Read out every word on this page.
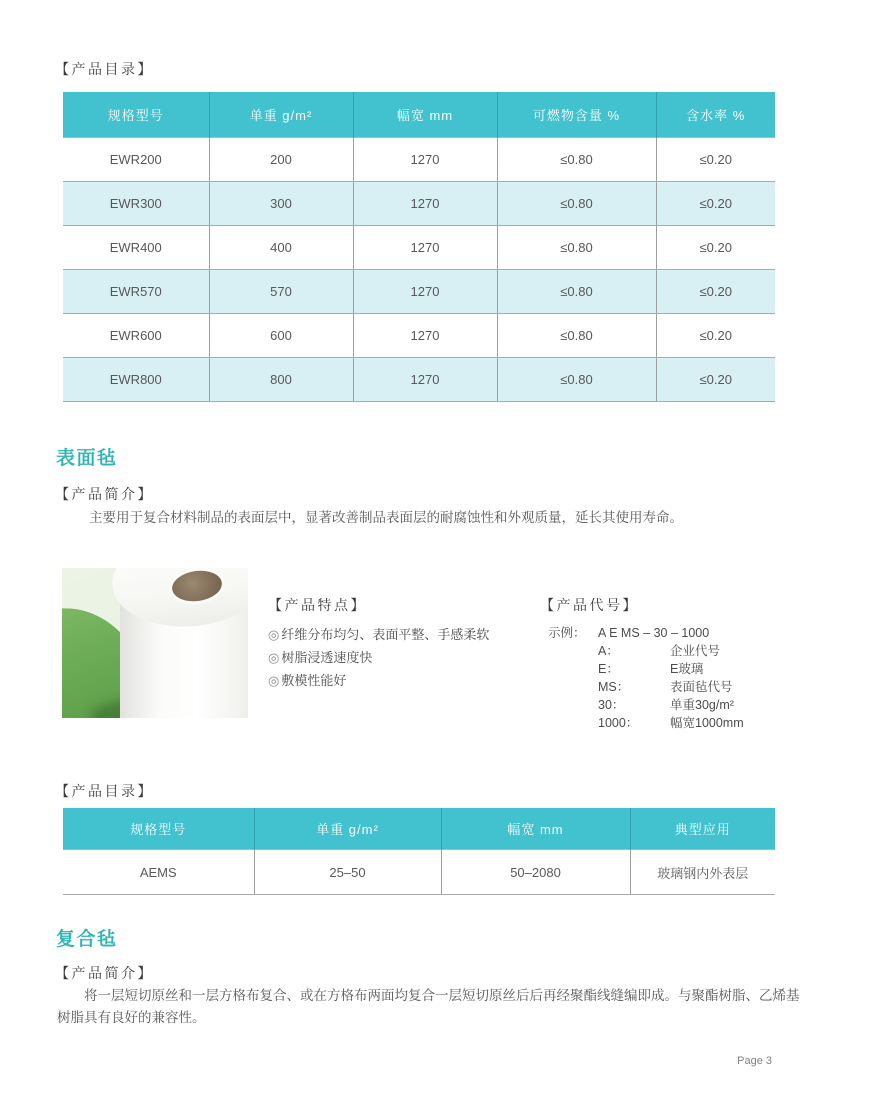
【产品目录】
规格型号	单重 g/m²	幅宽 mm	可燃物含量 %	含水率 %
EWR200	200	1270	≤0.80	≤0.20
EWR300	300	1270	≤0.80	≤0.20
EWR400	400	1270	≤0.80	≤0.20
EWR570	570	1270	≤0.80	≤0.20
EWR600	600	1270	≤0.80	≤0.20
EWR800	800	1270	≤0.80	≤0.20
表面毡
【产品简介】
主要用于复合材料制品的表面层中，显著改善制品表面层的耐腐蚀性和外观质量，延长其使用寿命。
【产品特点】
◎ 纤维分布均匀、表面平整、手感柔软
◎ 树脂浸透速度快
◎ 敷模性能好
【产品代号】
示例： A E MS – 30 – 1000
A：	企业代号
E：	E玻璃
MS：	表面毡代号
30：	单重30g/m²
1000：	幅宽1000mm
【产品目录】
规格型号	单重 g/m²	幅宽 mm	典型应用
AEMS	25–50	50–2080	玻璃钢内外表层
复合毡
【产品简介】
将一层短切原丝和一层方格布复合、或在方格布两面均复合一层短切原丝后后再经聚酯线缝编即成。与聚酯树脂、乙烯基树脂具有良好的兼容性。
Page 3
